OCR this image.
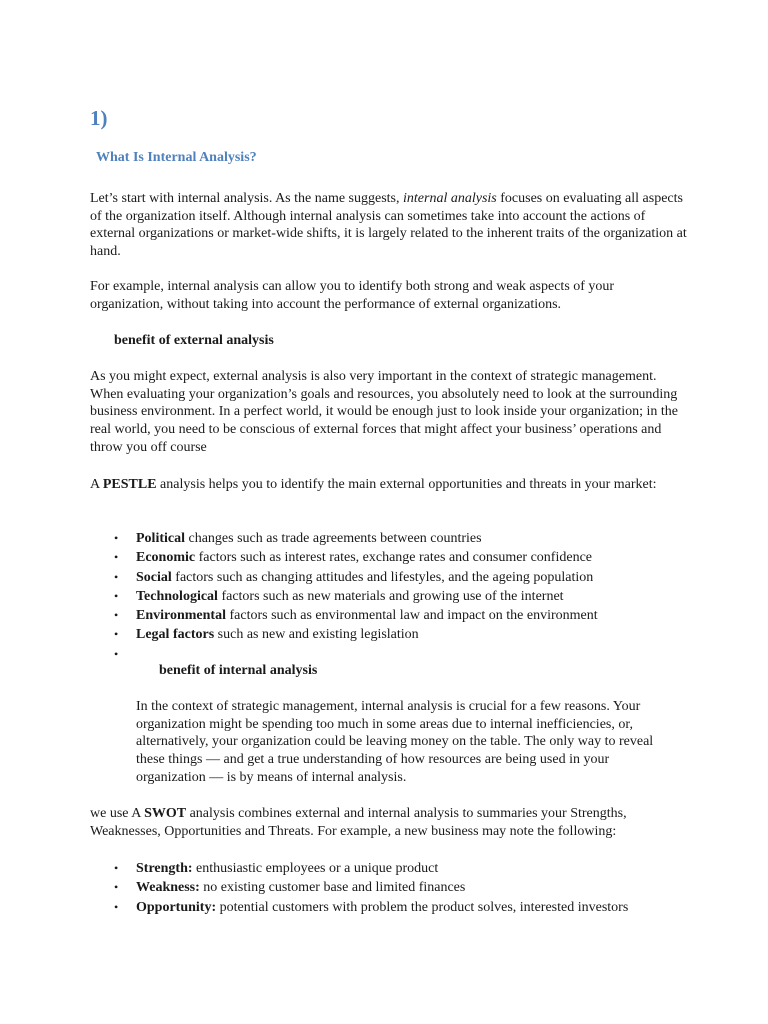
1)
What Is Internal Analysis?
Let’s start with internal analysis. As the name suggests, internal analysis focuses on evaluating all aspects of the organization itself. Although internal analysis can sometimes take into account the actions of external organizations or market-wide shifts, it is largely related to the inherent traits of the organization at hand.
For example, internal analysis can allow you to identify both strong and weak aspects of your organization, without taking into account the performance of external organizations.
benefit of external analysis
As you might expect, external analysis is also very important in the context of strategic management. When evaluating your organization’s goals and resources, you absolutely need to look at the surrounding business environment. In a perfect world, it would be enough just to look inside your organization; in the real world, you need to be conscious of external forces that might affect your business’ operations and throw you off course
A PESTLE analysis helps you to identify the main external opportunities and threats in your market:
• Political changes such as trade agreements between countries
• Economic factors such as interest rates, exchange rates and consumer confidence
• Social factors such as changing attitudes and lifestyles, and the ageing population
• Technological factors such as new materials and growing use of the internet
• Environmental factors such as environmental law and impact on the environment
• Legal factors such as new and existing legislation
•
benefit of internal analysis
In the context of strategic management, internal analysis is crucial for a few reasons. Your organization might be spending too much in some areas due to internal inefficiencies, or, alternatively, your organization could be leaving money on the table. The only way to reveal these things — and get a true understanding of how resources are being used in your organization — is by means of internal analysis.
we use A SWOT analysis combines external and internal analysis to summaries your Strengths, Weaknesses, Opportunities and Threats. For example, a new business may note the following:
• Strength: enthusiastic employees or a unique product
• Weakness: no existing customer base and limited finances
• Opportunity: potential customers with problem the product solves, interested investors
